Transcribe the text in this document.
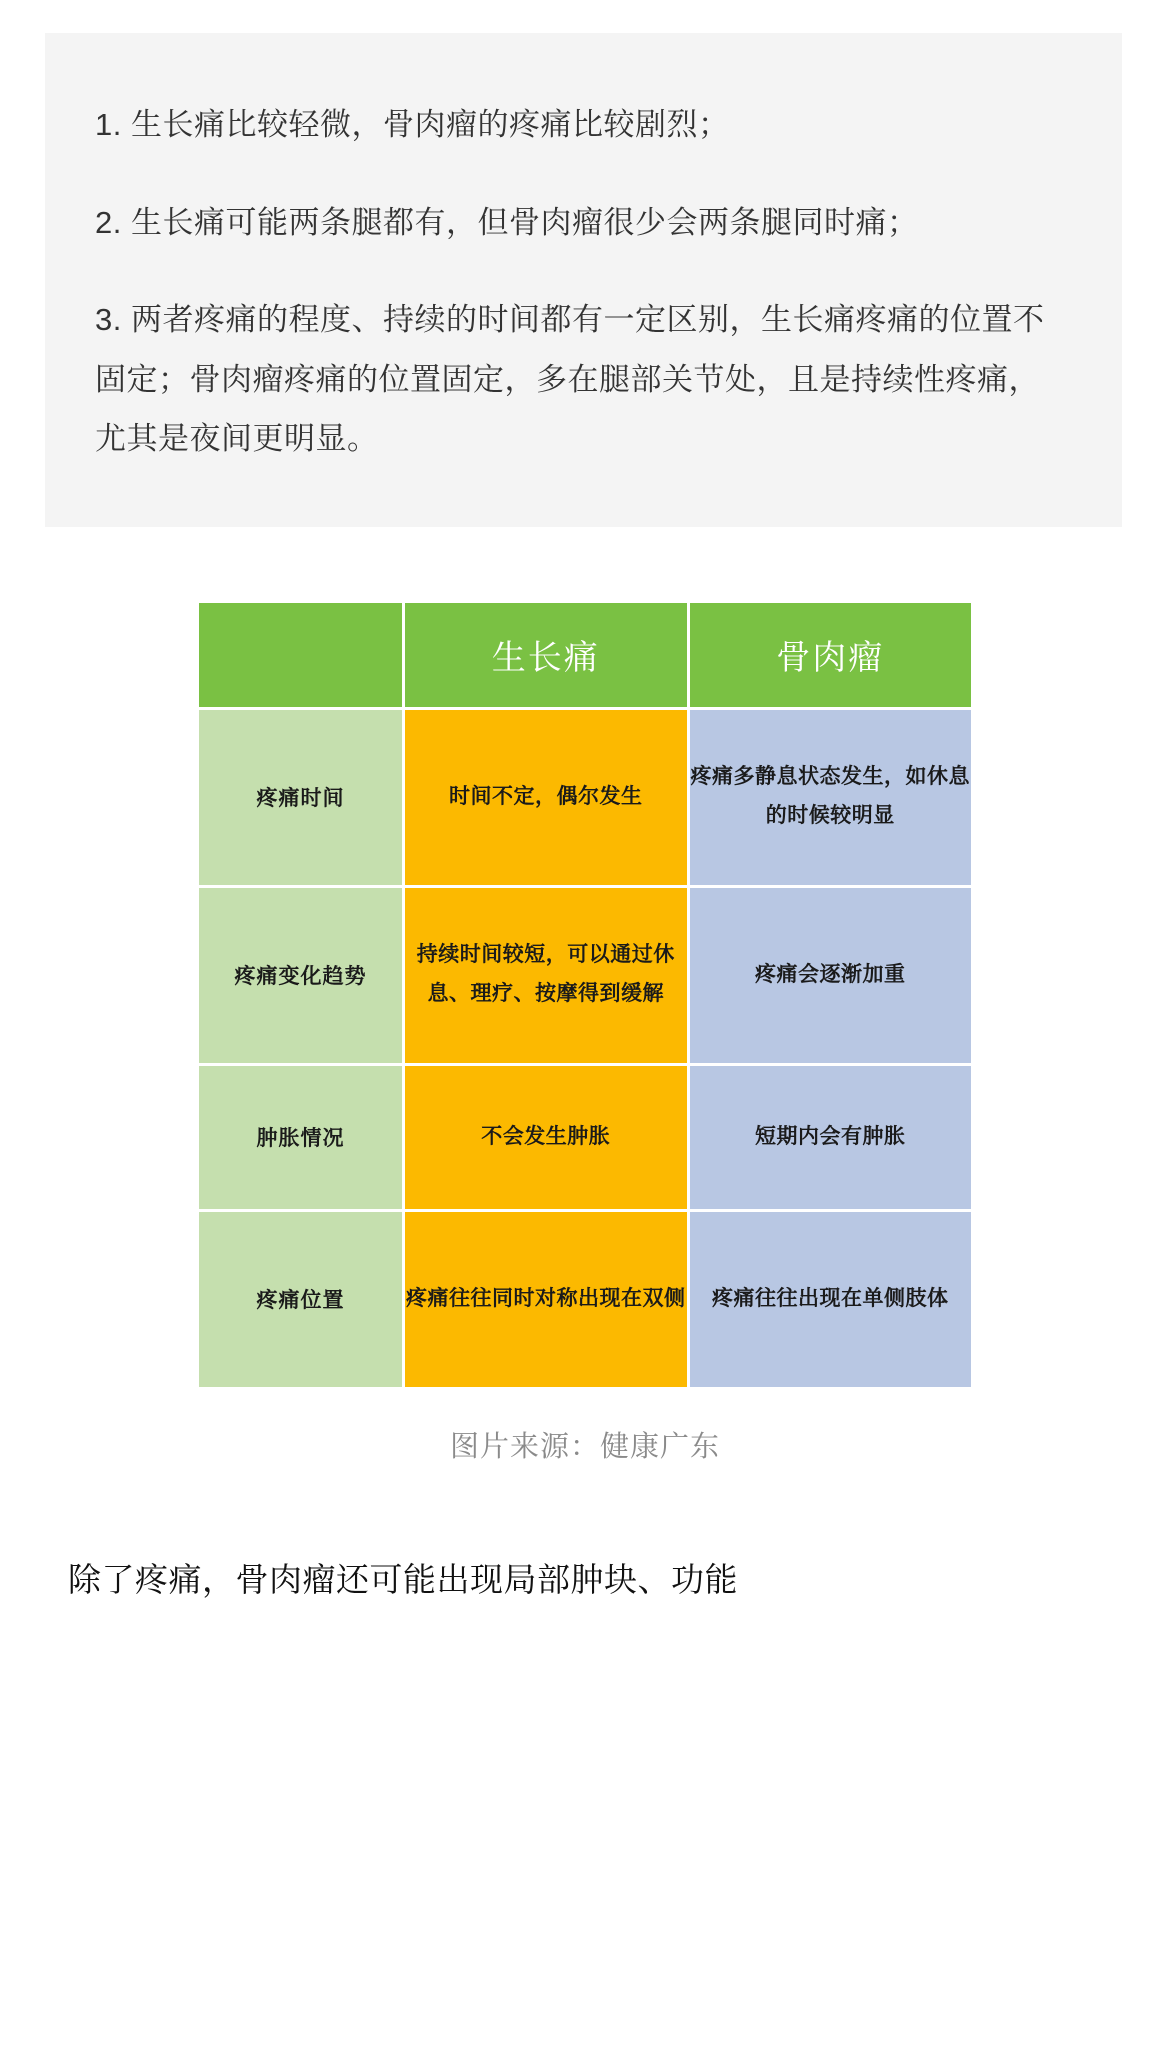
1. 生长痛比较轻微，骨肉瘤的疼痛比较剧烈；

2. 生长痛可能两条腿都有，但骨肉瘤很少会两条腿同时痛；

3. 两者疼痛的程度、持续的时间都有一定区别，生长痛疼痛的位置不固定；骨肉瘤疼痛的位置固定，多在腿部关节处，且是持续性疼痛，尤其是夜间更明显。

	生长痛	骨肉瘤
疼痛时间	时间不定，偶尔发生	疼痛多静息状态发生，如休息的时候较明显
疼痛变化趋势	持续时间较短，可以通过休息、理疗、按摩得到缓解	疼痛会逐渐加重
肿胀情况	不会发生肿胀	短期内会有肿胀
疼痛位置	疼痛往往同时对称出现在双侧	疼痛往往出现在单侧肢体
图片来源：健康广东

除了疼痛，骨肉瘤还可能出现局部肿块、功能
